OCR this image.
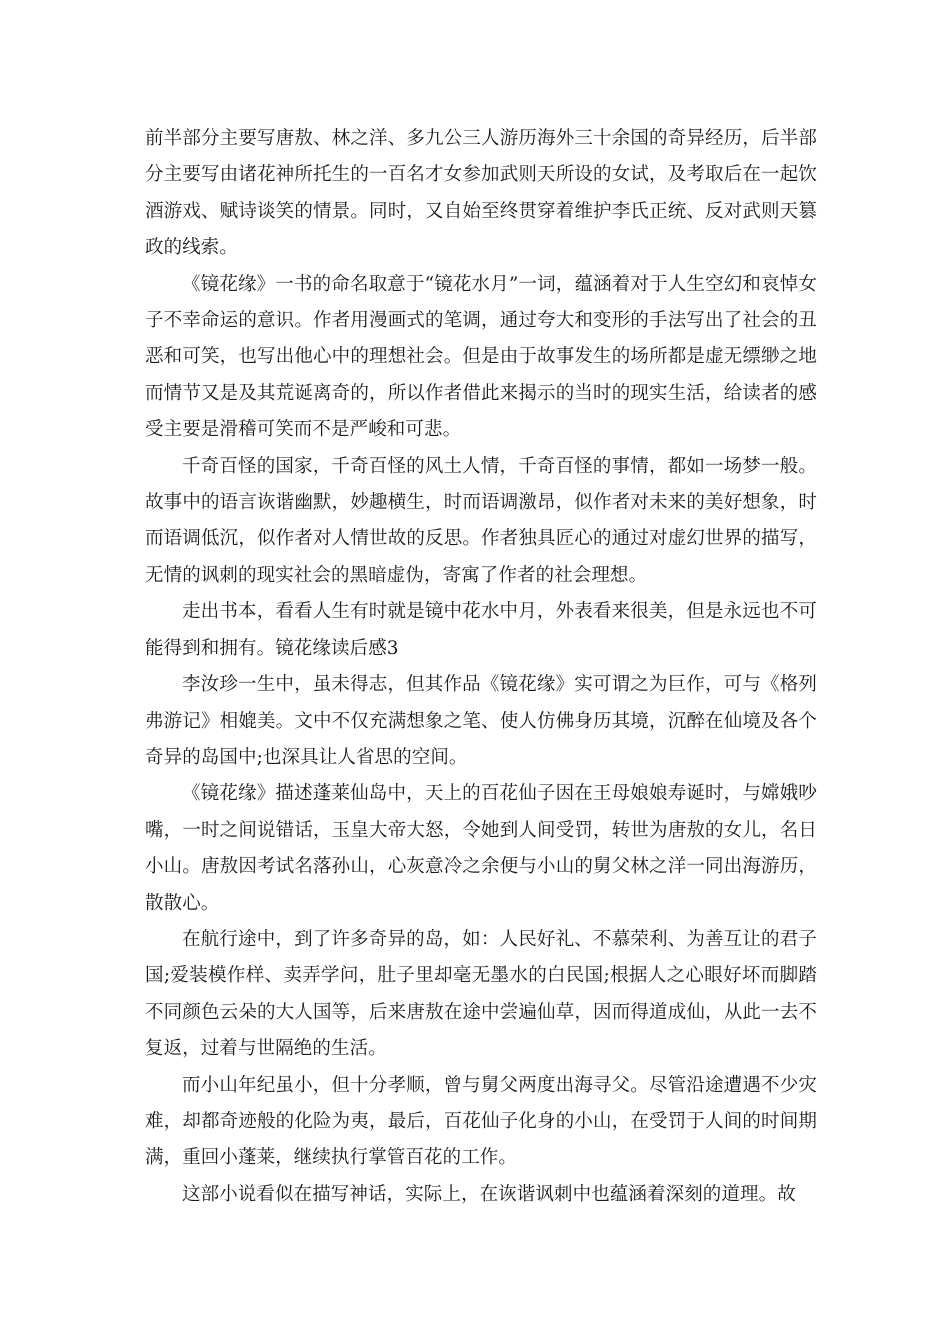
前半部分主要写唐敖、林之洋、多九公三人游历海外三十余国的奇异经历，后半部分主要写由诸花神所托生的一百名才女参加武则天所设的女试，及考取后在一起饮酒游戏、赋诗谈笑的情景。同时，又自始至终贯穿着维护李氏正统、反对武则天篡政的线索。

《镜花缘》一书的命名取意于“镜花水月”一词，蕴涵着对于人生空幻和哀悼女子不幸命运的意识。作者用漫画式的笔调，通过夸大和变形的手法写出了社会的丑恶和可笑，也写出他心中的理想社会。但是由于故事发生的场所都是虚无缥缈之地而情节又是及其荒诞离奇的，所以作者借此来揭示的当时的现实生活，给读者的感受主要是滑稽可笑而不是严峻和可悲。

千奇百怪的国家，千奇百怪的风土人情，千奇百怪的事情，都如一场梦一般。故事中的语言诙谐幽默，妙趣横生，时而语调激昂，似作者对未来的美好想象，时而语调低沉，似作者对人情世故的反思。作者独具匠心的通过对虚幻世界的描写，无情的讽刺的现实社会的黑暗虚伪，寄寓了作者的社会理想。

走出书本，看看人生有时就是镜中花水中月，外表看来很美，但是永远也不可能得到和拥有。镜花缘读后感3

李汝珍一生中，虽未得志，但其作品《镜花缘》实可谓之为巨作，可与《格列弗游记》相媲美。文中不仅充满想象之笔、使人仿佛身历其境，沉醉在仙境及各个奇异的岛国中;也深具让人省思的空间。

《镜花缘》描述蓬莱仙岛中，天上的百花仙子因在王母娘娘寿诞时，与嫦娥吵嘴，一时之间说错话，玉皇大帝大怒，令她到人间受罚，转世为唐敖的女儿，名日小山。唐敖因考试名落孙山，心灰意冷之余便与小山的舅父林之洋一同出海游历，散散心。

在航行途中，到了许多奇异的岛，如：人民好礼、不慕荣利、为善互让的君子国;爱装模作样、卖弄学问，肚子里却毫无墨水的白民国;根据人之心眼好坏而脚踏不同颜色云朵的大人国等，后来唐敖在途中尝遍仙草，因而得道成仙，从此一去不复返，过着与世隔绝的生活。

而小山年纪虽小，但十分孝顺，曾与舅父两度出海寻父。尽管沿途遭遇不少灾难，却都奇迹般的化险为夷，最后，百花仙子化身的小山，在受罚于人间的时间期满，重回小蓬莱，继续执行掌管百花的工作。

这部小说看似在描写神话，实际上，在诙谐讽刺中也蕴涵着深刻的道理。故
